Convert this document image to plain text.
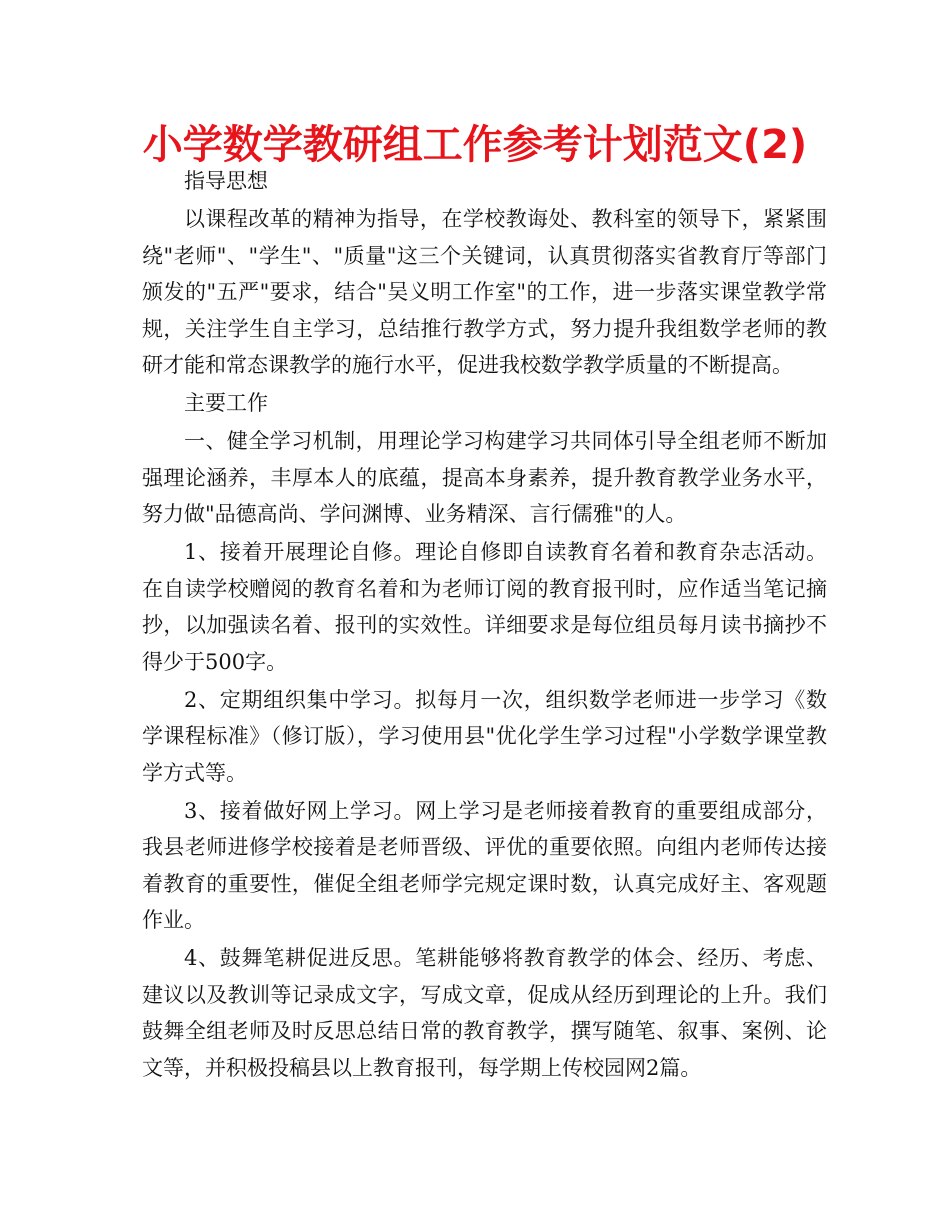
小学数学教研组工作参考计划范文(2)
指导思想

以课程改革的精神为指导，在学校教诲处、教科室的领导下，紧紧围绕"老师"、"学生"、"质量"这三个关键词，认真贯彻落实省教育厅等部门颁发的"五严"要求，结合"吴义明工作室"的工作，进一步落实课堂教学常规，关注学生自主学习，总结推行教学方式，努力提升我组数学老师的教研才能和常态课教学的施行水平，促进我校数学教学质量的不断提高。

主要工作

一、健全学习机制，用理论学习构建学习共同体引导全组老师不断加强理论涵养，丰厚本人的底蕴，提高本身素养，提升教育教学业务水平，努力做"品德高尚、学问渊博、业务精深、言行儒雅"的人。

1、接着开展理论自修。理论自修即自读教育名着和教育杂志活动。在自读学校赠阅的教育名着和为老师订阅的教育报刊时，应作适当笔记摘抄，以加强读名着、报刊的实效性。详细要求是每位组员每月读书摘抄不得少于500字。

2、定期组织集中学习。拟每月一次，组织数学老师进一步学习《数学课程标准》（修订版），学习使用县"优化学生学习过程"小学数学课堂教学方式等。

3、接着做好网上学习。网上学习是老师接着教育的重要组成部分，我县老师进修学校接着是老师晋级、评优的重要依照。向组内老师传达接着教育的重要性，催促全组老师学完规定课时数，认真完成好主、客观题作业。

4、鼓舞笔耕促进反思。笔耕能够将教育教学的体会、经历、考虑、建议以及教训等记录成文字，写成文章，促成从经历到理论的上升。我们鼓舞全组老师及时反思总结日常的教育教学，撰写随笔、叙事、案例、论文等，并积极投稿县以上教育报刊，每学期上传校园网2篇。
